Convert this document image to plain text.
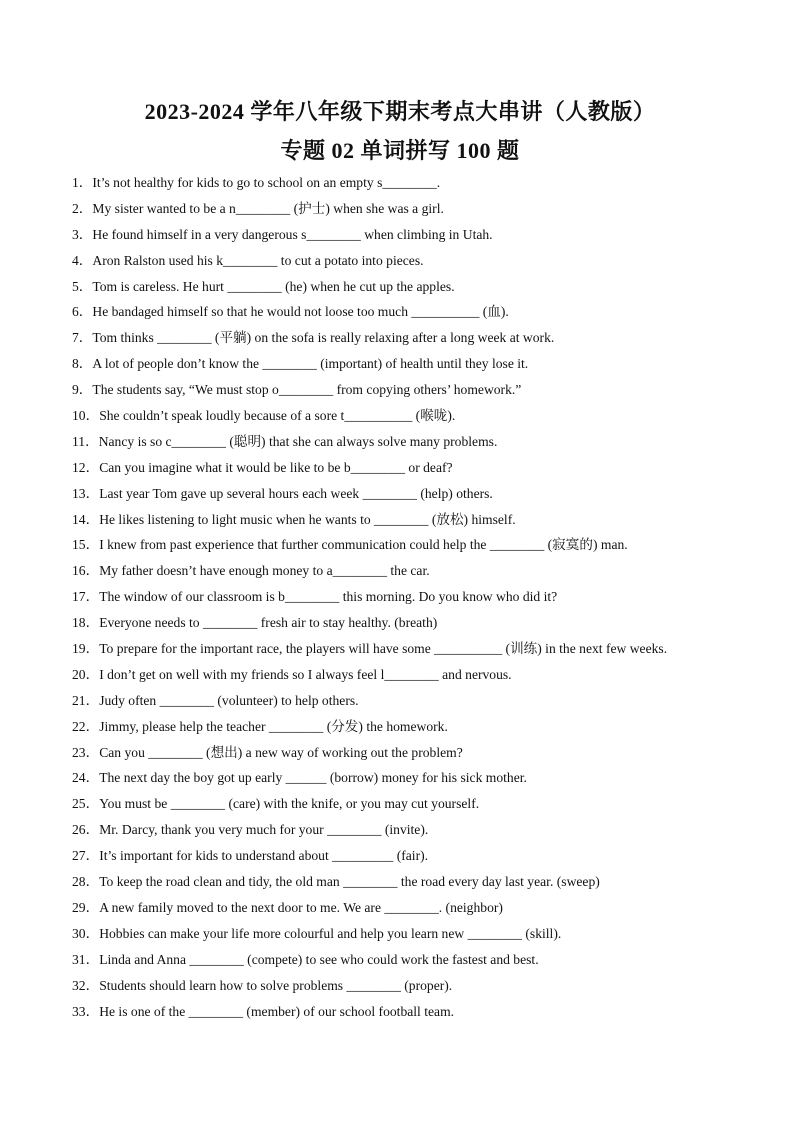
2023-2024 学年八年级下期末考点大串讲（人教版）
专题 02 单词拼写 100 题
1．It’s not healthy for kids to go to school on an empty s________.
2．My sister wanted to be a n________ (护士) when she was a girl.
3．He found himself in a very dangerous s________ when climbing in Utah.
4．Aron Ralston used his k________ to cut a potato into pieces.
5．Tom is careless. He hurt ________ (he) when he cut up the apples.
6．He bandaged himself so that he would not loose too much __________ (血).
7．Tom thinks ________ (平躺) on the sofa is really relaxing after a long week at work.
8．A lot of people don’t know the ________ (important) of health until they lose it.
9．The students say, “We must stop o________ from copying others’ homework.”
10．She couldn’t speak loudly because of a sore t__________ (喉咙).
11．Nancy is so c________ (聪明) that she can always solve many problems.
12．Can you imagine what it would be like to be b________ or deaf?
13．Last year Tom gave up several hours each week ________ (help) others.
14．He likes listening to light music when he wants to ________ (放松) himself.
15．I knew from past experience that further communication could help the ________ (寂寞的) man.
16．My father doesn’t have enough money to a________ the car.
17．The window of our classroom is b________ this morning. Do you know who did it?
18．Everyone needs to ________ fresh air to stay healthy. (breath)
19．To prepare for the important race, the players will have some __________ (训练) in the next few weeks.
20．I don’t get on well with my friends so I always feel l________ and nervous.
21．Judy often ________ (volunteer) to help others.
22．Jimmy, please help the teacher ________ (分发) the homework.
23．Can you ________ (想出) a new way of working out the problem?
24．The next day the boy got up early ______ (borrow) money for his sick mother.
25．You must be ________ (care) with the knife, or you may cut yourself.
26．Mr. Darcy, thank you very much for your ________ (invite).
27．It’s important for kids to understand about _________ (fair).
28．To keep the road clean and tidy, the old man ________ the road every day last year. (sweep)
29．A new family moved to the next door to me. We are ________. (neighbor)
30．Hobbies can make your life more colourful and help you learn new ________ (skill).
31．Linda and Anna ________ (compete) to see who could work the fastest and best.
32．Students should learn how to solve problems ________ (proper).
33．He is one of the ________ (member) of our school football team.
